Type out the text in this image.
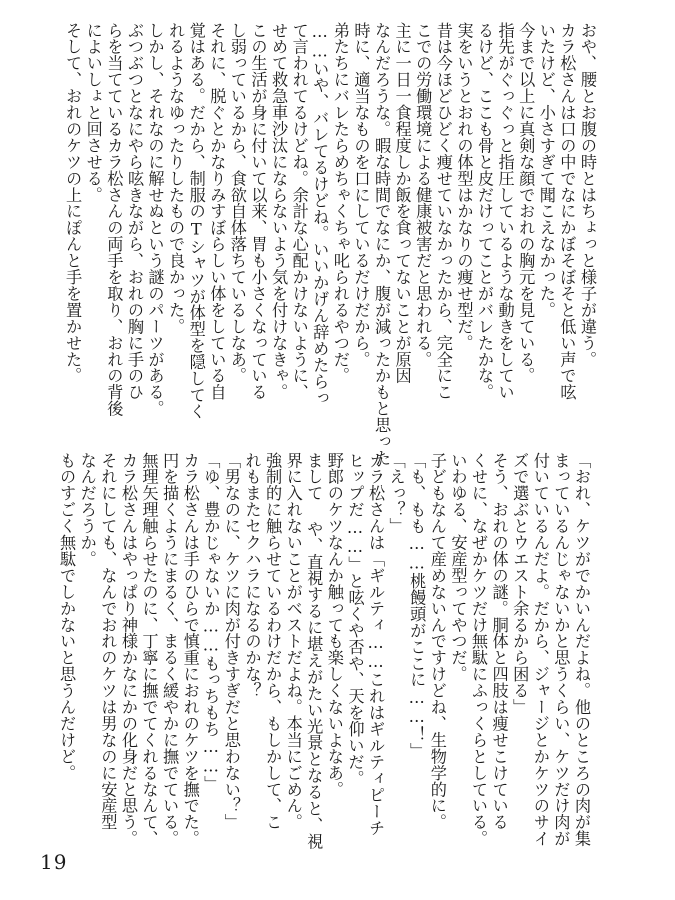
おや、腰とお腹の時とはちょっと様子が違う。

カラ松さんは口の中でなにかぼそぼそと低い声で呟

いたけど、小さすぎて聞こえなかった。

今まで以上に真剣な顔でおれの胸元を見ている。

指先がぐっぐっと指圧しているような動きをしてい

るけど、ここも骨と皮だけってことがバレたかな。

実をいうとおれの体型はかなりの痩せ型だ。

昔は今ほどひどく痩せていなかったから、完全にこ

こでの労働環境による健康被害だと思われる。

主に一日一食程度しか飯を食ってないことが原因

なんだろうな。暇な時間でなにか、腹が減ったかもと思った

時に、適当なものを口にしているだけだから。

弟たちにバレたらめちゃくちゃ叱られるやつだ。

……いや、バレてるけどね。いいかげん辞めたらっ

て言われてるけどね。余計な心配かけないように、

せめて救急車沙汰にならないよう気を付けなきゃ。

この生活が身に付いて以来、胃も小さくなっている

し弱っているから、食欲自体落ちているしなあ。

それに、脱ぐとかなりみすぼらしい体をしている自

覚はある。だから、制服のTシャツが体型を隠してく

れるようなゆったりしたもので良かった。

しかし、それなのに解せぬという謎のパーツがある。

ぶつぶつとなにやら呟きながら、おれの胸に手のひ

らを当てているカラ松さんの両手を取り、おれの背後

によいしょと回させる。

そして、おれのケツの上にぽんと手を置かせた。

「おれ、ケツがでかいんだよね。他のところの肉が集

まっているんじゃないかと思うくらい、ケツだけ肉が

付いているんだよ。だから、ジャージとかケツのサイ

ズで選ぶとウエスト余るから困る」

そう、おれの体の謎。胴体と四肢は痩せこけている

くせに、なぜかケツだけ無駄にふっくらとしている。

いわゆる、安産型ってやつだ。

子どもなんて産めないんですけどね、生物学的に。

「も、もも……桃饅頭がここに……！」

「えっ？」

カラ松さんは「ギルティ……これはギルティピーチ

ヒップだ……」と呟くや否や、天を仰いだ。

野郎のケツなんか触っても楽しくないよなあ。

まして や、直視するに堪えがたい光景となると、視

界に入れないことがベストだよね。本当にごめん。

強制的に触らせているわけだから、もしかして、こ

れもまたセクハラになるのかな？

「男なのに、ケツに肉が付きすぎだと思わない？」

「ゆ、豊かじゃないか……もっちもち……」

カラ松さんは手のひらで慎重におれのケツを撫でた。

円を描くようにまるく、まるく緩やかに撫でている。

無理矢理触らせたのに、丁寧に撫でてくれるなんて、

カラ松さんはやっぱり神様かなにかの化身だと思う。

それにしても、なんでおれのケツは男なのに安産型

なんだろうか。

ものすごく無駄でしかないと思うんだけど。

19
